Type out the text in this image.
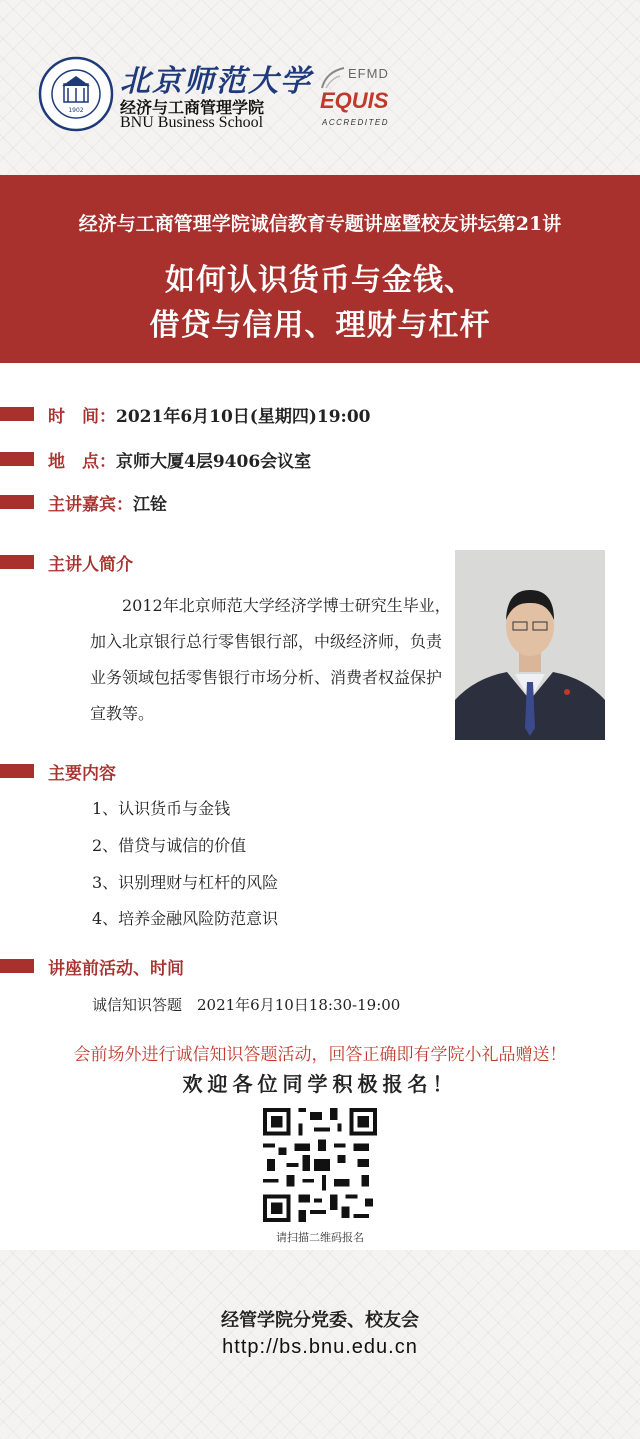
1902
北京师范大学
经济与工商管理学院
BNU Business School
EFMD
EQUIS
ACCREDITED
经济与工商管理学院诚信教育专题讲座暨校友讲坛第21讲
如何认识货币与金钱、
借贷与信用、理财与杠杆
时　间： 2021年6月10日(星期四)19:00
地　点： 京师大厦4层9406会议室
主讲嘉宾： 江铨
主讲人简介
　　2012年北京师范大学经济学博士研究生毕业，加入北京银行总行零售银行部，中级经济师，负责业务领域包括零售银行市场分析、消费者权益保护宣教等。
主要内容
1、认识货币与金钱
2、借贷与诚信的价值
3、识别理财与杠杆的风险
4、培养金融风险防范意识
讲座前活动、时间
诚信知识答题　2021年6月10日18:30-19:00
会前场外进行诚信知识答题活动，回答正确即有学院小礼品赠送！
欢迎各位同学积极报名！
请扫描二维码报名
经管学院分党委、校友会
http://bs.bnu.edu.cn
